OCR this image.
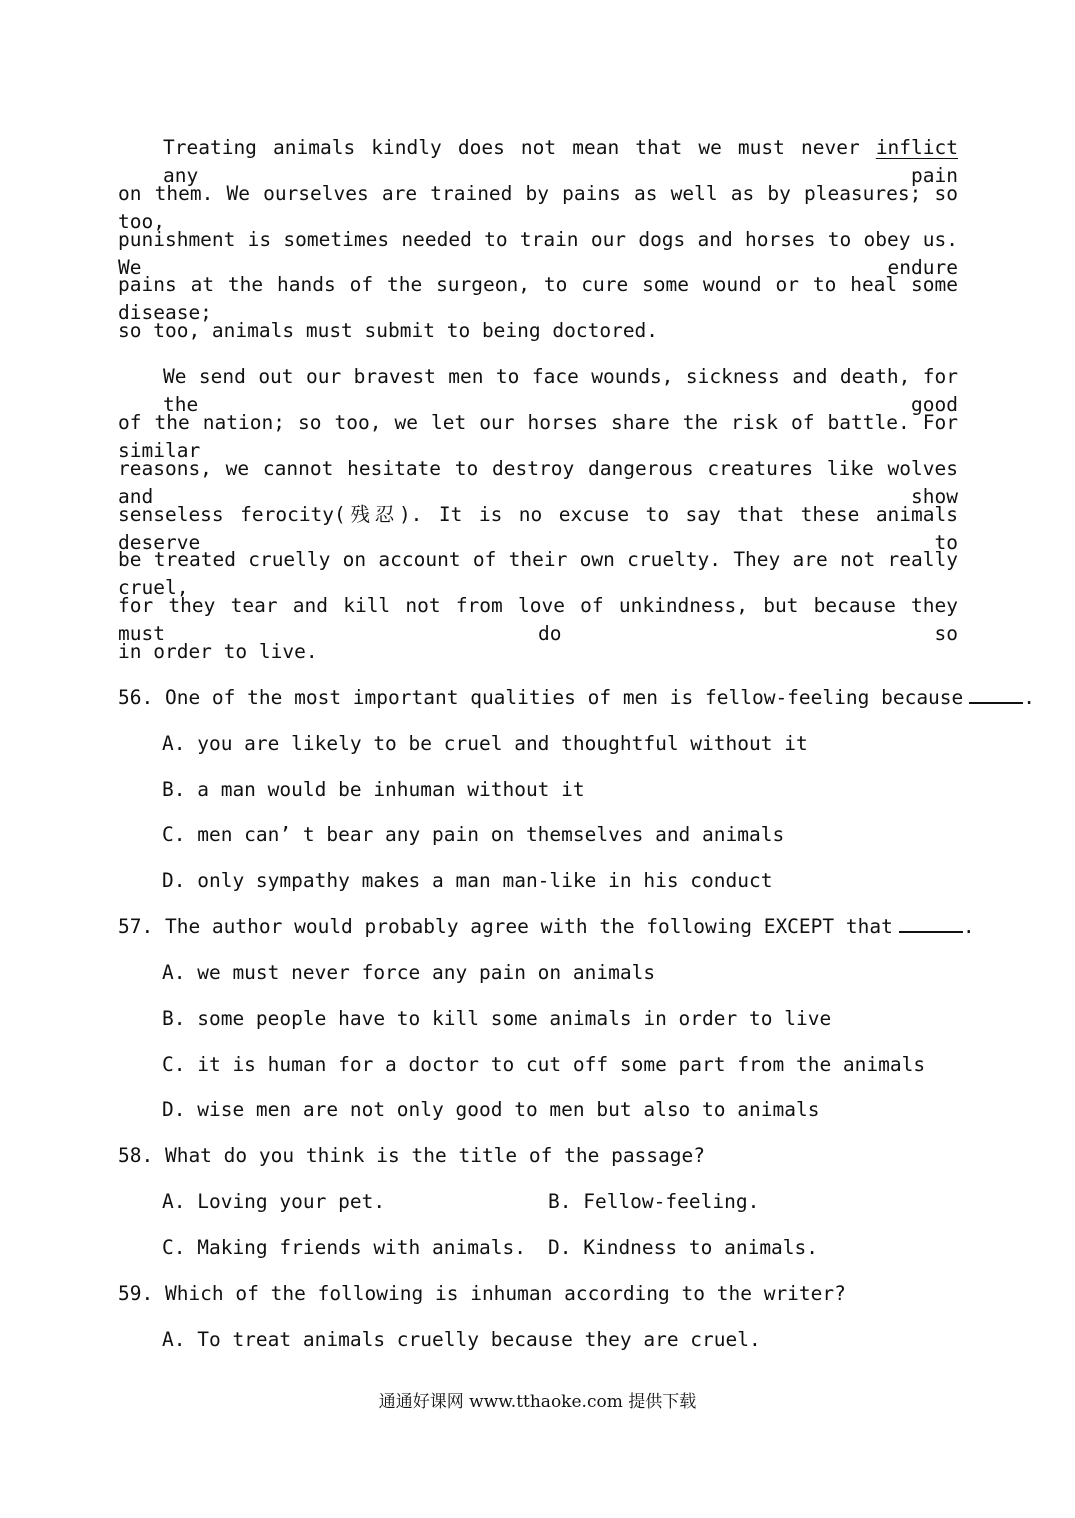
Treating animals kindly does not mean that we must never inflict any pain
on them. We ourselves are trained by pains as well as by pleasures; so too,
punishment is sometimes needed to train our dogs and horses to obey us. We endure
pains at the hands of the surgeon, to cure some wound or to heal some disease;
so too, animals must submit to being doctored.
We send out our bravest men to face wounds, sickness and death, for the good
of the nation; so too, we let our horses share the risk of battle. For similar
reasons, we cannot hesitate to destroy dangerous creatures like wolves and show
senseless ferocity(残忍). It is no excuse to say that these animals deserve to
be treated cruelly on account of their own cruelty. They are not really cruel,
for they tear and kill not from love of unkindness, but because they must do so
in order to live.
56. One of the most important qualities of men is fellow-feeling because	.
A. you are likely to be cruel and thoughtful without it
B. a man would be inhuman without it
C. men can’ t bear any pain on themselves and animals
D. only sympathy makes a man man-like in his conduct
57. The author would probably agree with the following EXCEPT that	.
A. we must never force any pain on animals
B. some people have to kill some animals in order to live
C. it is human for a doctor to cut off some part from the animals
D. wise men are not only good to men but also to animals
58. What do you think is the title of the passage?
A. Loving your pet.	B. Fellow-feeling.
C. Making friends with animals.	D. Kindness to animals.
59. Which of the following is inhuman according to the writer?
A. To treat animals cruelly because they are cruel.
通通好课网 www.tthaoke.com 提供下载
